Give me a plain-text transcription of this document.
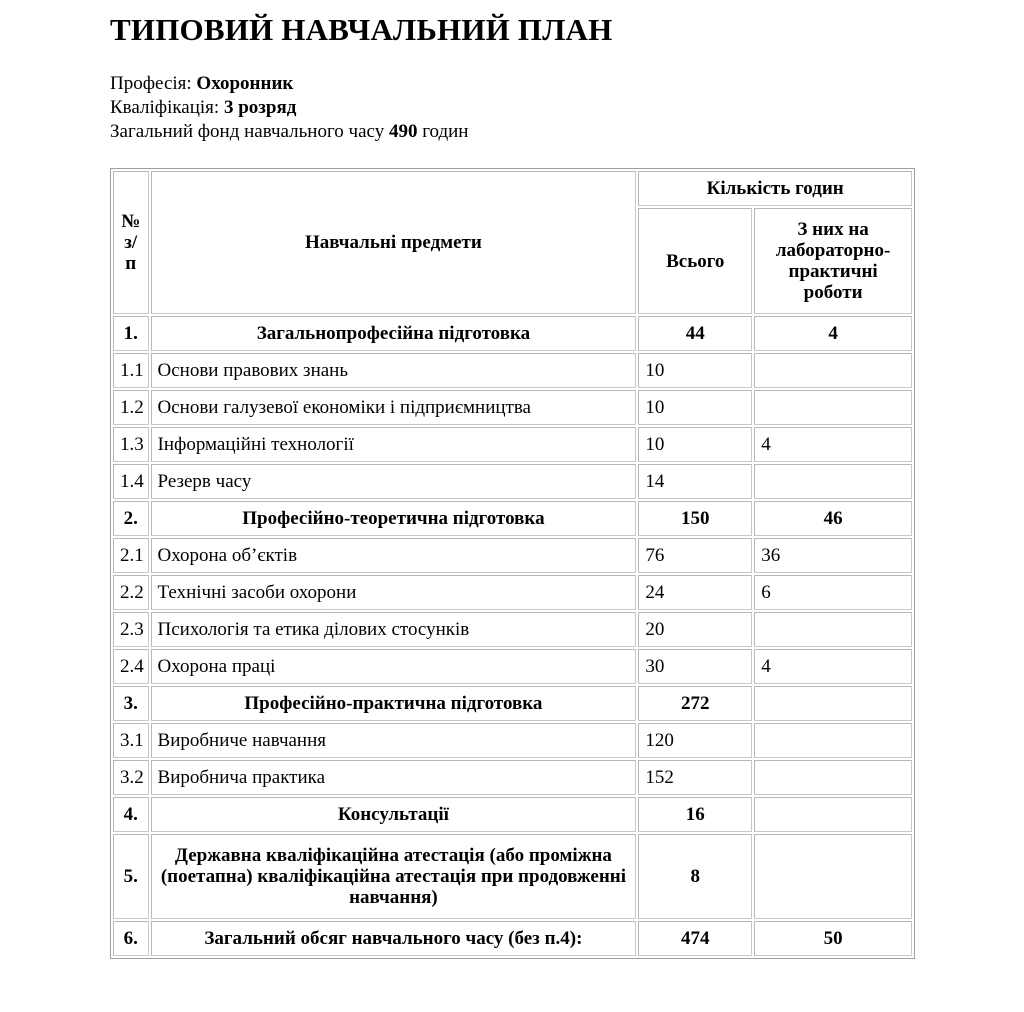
ТИПОВИЙ НАВЧАЛЬНИЙ ПЛАН
Професія: Охоронник
Кваліфікація: 3 розряд
Загальний фонд навчального часу 490 годин
№ з/п	Навчальні предмети	Кількість годин	
		Всього	З них на лабораторно-практичні роботи
1.	Загальнопрофесійна підготовка	44	4
1.1	Основи правових знань	10	
1.2	Основи галузевої економіки і підприємництва	10	
1.3	Інформаційні технології	10	4
1.4	Резерв часу	14	
2.	Професійно-теоретична підготовка	150	46
2.1	Охорона об’єктів	76	36
2.2	Технічні засоби охорони	24	6
2.3	Психологія та етика ділових стосунків	20	
2.4	Охорона праці	30	4
3.	Професійно-практична підготовка	272	
3.1	Виробниче навчання	120	
3.2	Виробнича практика	152	
4.	Консультації	16	
5.	Державна кваліфікаційна атестація (або проміжна (поетапна) кваліфікаційна атестація при продовженні навчання)	8	
6.	Загальний обсяг навчального часу (без п.4):	474	50
